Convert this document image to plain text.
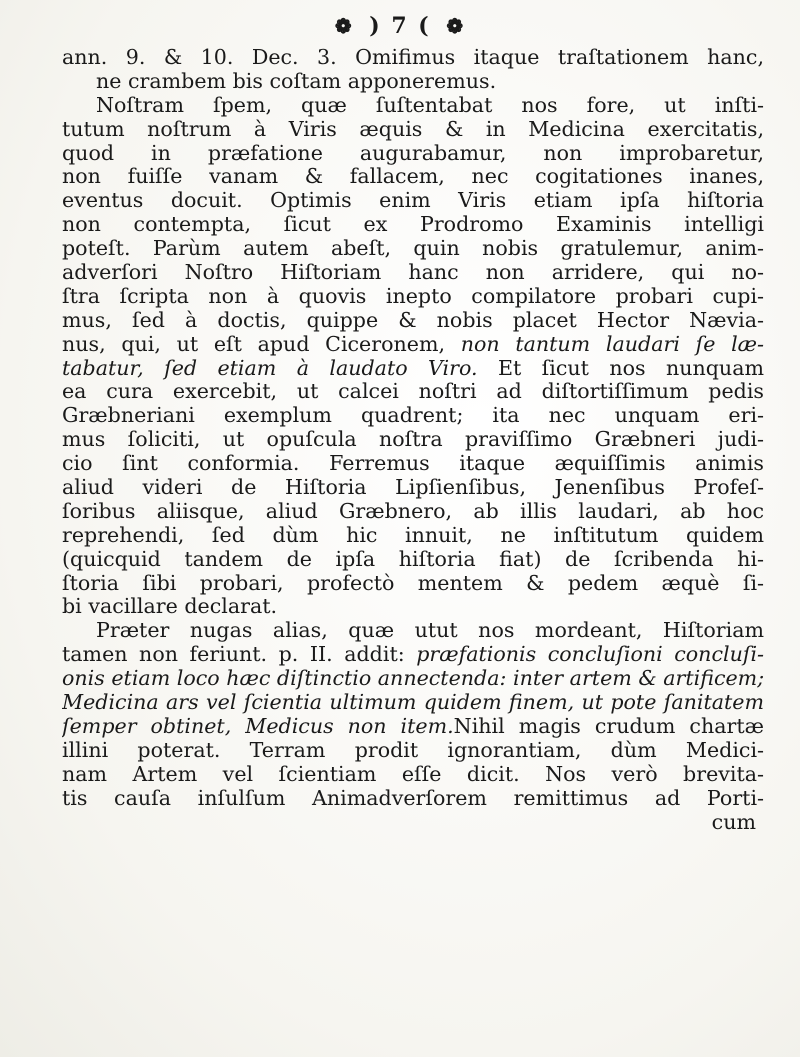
❁ ) 7 ( ❁
ann. 9. & 10. Dec. 3. Omifimus itaque traſtationem hanc,
ne crambem bis coſtam apponeremus.
Noſtram ſpem, quæ ſuſtentabat nos fore, ut inſti-
tutum noſtrum à Viris æquis & in Medicina exercitatis,
quod in præfatione augurabamur, non improbaretur,
non fuiſſe vanam & fallacem, nec cogitationes inanes,
eventus docuit. Optimis enim Viris etiam ipſa hiſtoria
non contempta, ſicut ex Prodromo Examinis intelligi
poteſt. Parùm autem abeſt, quin nobis gratulemur, anim-
adverſori Noſtro Hiſtoriam hanc non arridere, qui no-
ſtra ſcripta non à quovis inepto compilatore probari cupi-
mus, ſed à doctis, quippe & nobis placet Hector Nævia-
nus, qui, ut eſt apud Ciceronem, non tantum laudari ſe læ-
tabatur, ſed etiam à laudato Viro. Et ſicut nos nunquam
ea cura exercebit, ut calcei noſtri ad diſtortiſſimum pedis
Græbneriani exemplum quadrent; ita nec unquam eri-
mus ſoliciti, ut opuſcula noſtra praviſſimo Græbneri judi-
cio ſint conformia. Ferremus itaque æquiſſimis animis
aliud videri de Hiſtoria Lipſienſibus, Jenenſibus Profeſ-
ſoribus aliisque, aliud Græbnero, ab illis laudari, ab hoc
reprehendi, ſed dùm hic innuit, ne inſtitutum quidem
(quicquid tandem de ipſa hiſtoria fiat) de ſcribenda hi-
ſtoria ſibi probari, profectò mentem & pedem æquè ſi-
bi vacillare declarat.
Præter nugas alias, quæ utut nos mordeant, Hiſtoriam
tamen non feriunt. p. II. addit: præfationis concluſioni concluſi-
onis etiam loco hæc diſtinctio annectenda: inter artem & artificem;
Medicina ars vel ſcientia ultimum quidem finem, ut pote ſanitatem
ſemper obtinet, Medicus non item.Nihil magis crudum chartæ
illini poterat. Terram prodit ignorantiam, dùm Medici-
nam Artem vel ſcientiam eſſe dicit. Nos verò brevita-
tis cauſa inſulſum Animadverſorem remittimus ad Porti-
cum
